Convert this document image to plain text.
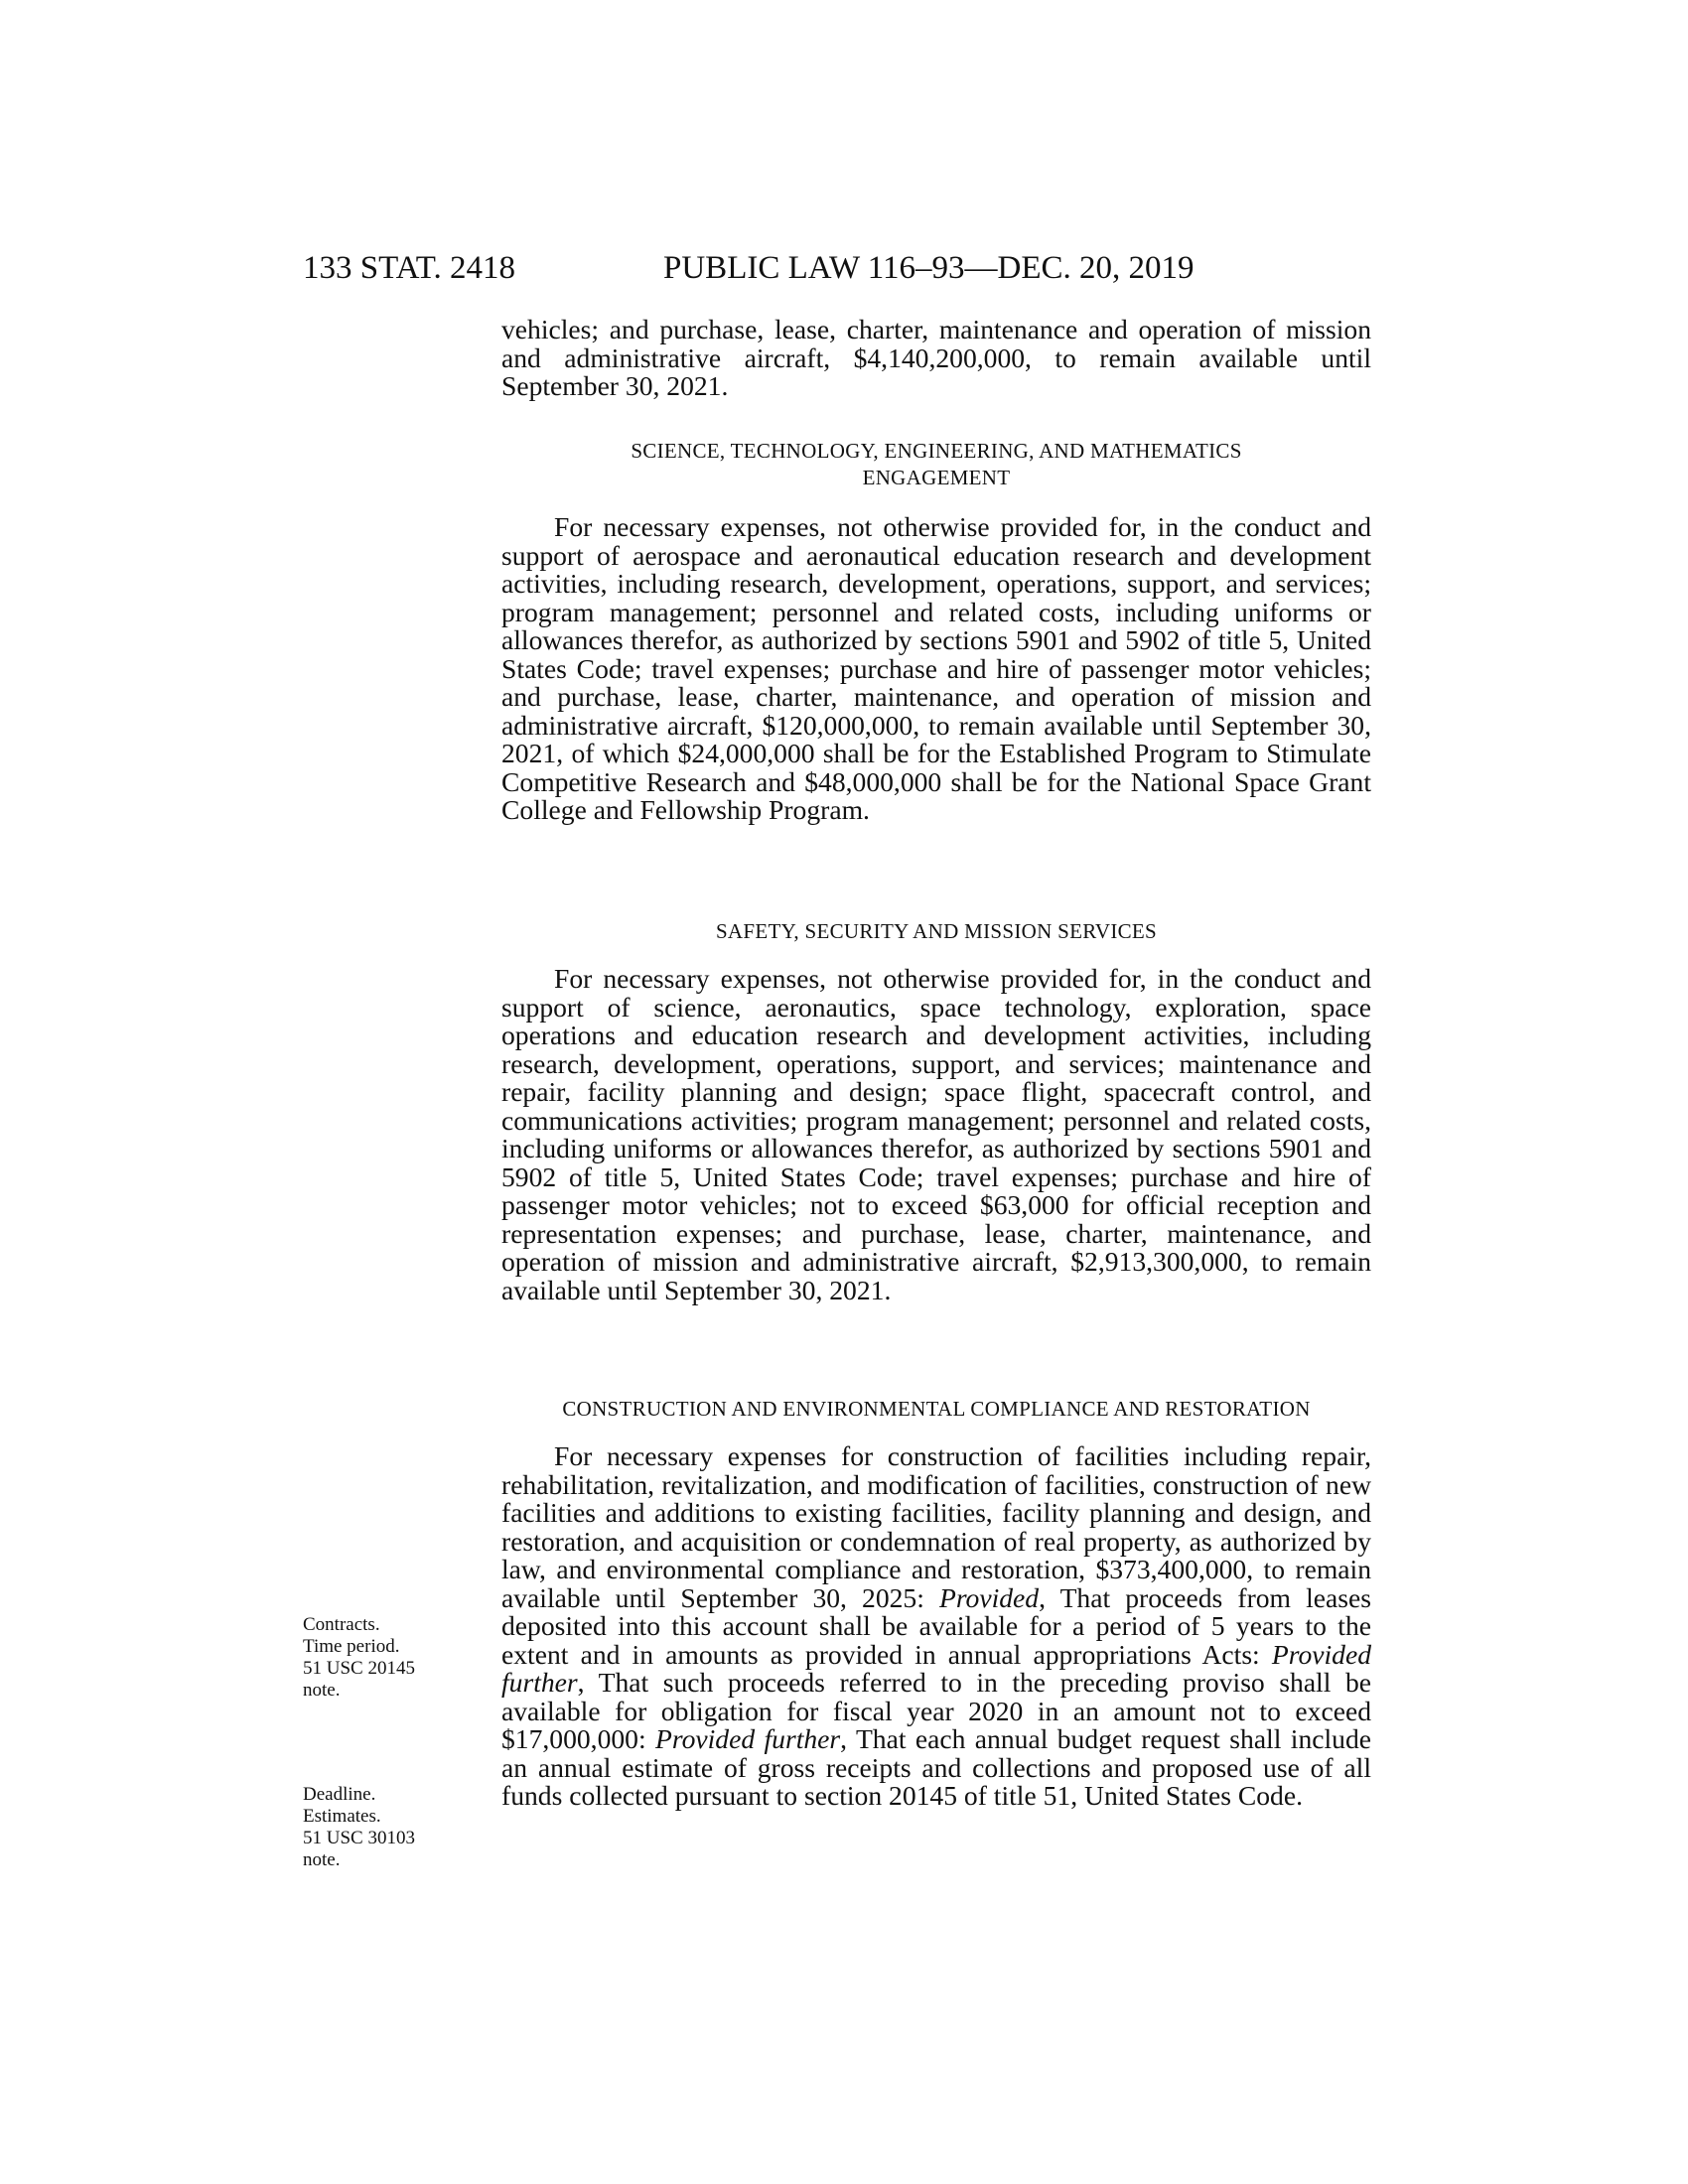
133 STAT. 2418	PUBLIC LAW 116–93—DEC. 20, 2019

vehicles; and purchase, lease, charter, maintenance and operation of mission and administrative aircraft, $4,140,200,000, to remain available until September 30, 2021.

SCIENCE, TECHNOLOGY, ENGINEERING, AND MATHEMATICS
ENGAGEMENT

For necessary expenses, not otherwise provided for, in the conduct and support of aerospace and aeronautical education research and development activities, including research, development, operations, support, and services; program management; personnel and related costs, including uniforms or allowances therefor, as authorized by sections 5901 and 5902 of title 5, United States Code; travel expenses; purchase and hire of passenger motor vehicles; and purchase, lease, charter, maintenance, and operation of mission and administrative aircraft, $120,000,000, to remain available until September 30, 2021, of which $24,000,000 shall be for the Established Program to Stimulate Competitive Research and $48,000,000 shall be for the National Space Grant College and Fellowship Program.

SAFETY, SECURITY AND MISSION SERVICES

For necessary expenses, not otherwise provided for, in the conduct and support of science, aeronautics, space technology, exploration, space operations and education research and development activities, including research, development, operations, support, and services; maintenance and repair, facility planning and design; space flight, spacecraft control, and communications activities; program management; personnel and related costs, including uniforms or allowances therefor, as authorized by sections 5901 and 5902 of title 5, United States Code; travel expenses; purchase and hire of passenger motor vehicles; not to exceed $63,000 for official reception and representation expenses; and purchase, lease, charter, maintenance, and operation of mission and administrative aircraft, $2,913,300,000, to remain available until September 30, 2021.

CONSTRUCTION AND ENVIRONMENTAL COMPLIANCE AND RESTORATION

For necessary expenses for construction of facilities including repair, rehabilitation, revitalization, and modification of facilities, construction of new facilities and additions to existing facilities, facility planning and design, and restoration, and acquisition or condemnation of real property, as authorized by law, and environmental compliance and restoration, $373,400,000, to remain available until September 30, 2025: Provided, That proceeds from leases deposited into this account shall be available for a period of 5 years to the extent and in amounts as provided in annual appropriations Acts: Provided further, That such proceeds referred to in the preceding proviso shall be available for obligation for fiscal year 2020 in an amount not to exceed $17,000,000: Provided further, That each annual budget request shall include an annual estimate of gross receipts and collections and proposed use of all funds collected pursuant to section 20145 of title 51, United States Code.

Contracts.
Time period.
51 USC 20145
note.
Deadline.
Estimates.
51 USC 30103
note.
